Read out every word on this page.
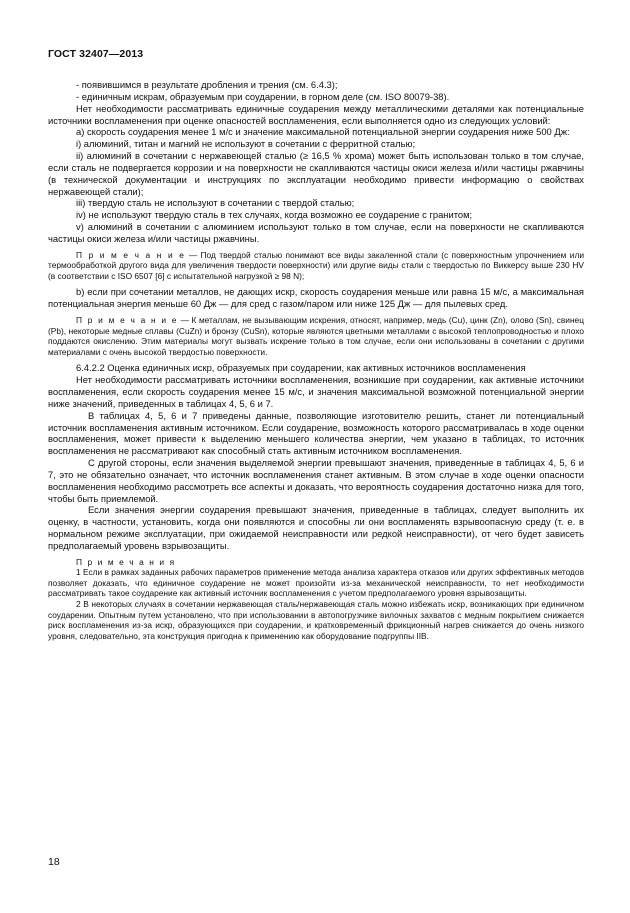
ГОСТ 32407—2013

- появившимся в результате дробления и трения (см. 6.4.3);

- единичным искрам, образуемым при соударении, в горном деле (см. ISO 80079-38).

Нет необходимости рассматривать единичные соударения между металлическими деталями как потенциальные источники воспламенения при оценке опасностей воспламенения, если выполняется одно из следующих условий:

а) скорость соударения менее 1 м/с и значение максимальной потенциальной энергии соударения ниже 500 Дж:

i) алюминий, титан и магний не используют в сочетании с ферритной сталью;

ii) алюминий в сочетании с нержавеющей сталью (≥ 16,5 % хрома) может быть использован только в том случае, если сталь не подвергается коррозии и на поверхности не скапливаются частицы окиси железа и/или частицы ржавчины (в технической документации и инструкциях по эксплуатации необходимо привести информацию о свойствах нержавеющей стали);

iii) твердую сталь не используют в сочетании с твердой сталью;

iv) не используют твердую сталь в тех случаях, когда возможно ее соударение с гранитом;

v) алюминий в сочетании с алюминием используют только в том случае, если на поверхности не скапливаются частицы окиси железа и/или частицы ржавчины.

П р и м е ч а н и е — Под твердой сталью понимают все виды закаленной стали (с поверхностным упрочнением или термообработкой другого вида для увеличения твердости поверхности) или другие виды стали с твердостью по Виккерсу выше 230 HV (в соответствии с ISO 6507 [6] с испытательной нагрузкой ≥ 98 N);

b) если при сочетании металлов, не дающих искр, скорость соударения меньше или равна 15 м/с, а максимальная потенциальная энергия меньше 60 Дж — для сред с газом/паром или ниже 125 Дж — для пылевых сред.

П р и м е ч а н и е — К металлам, не вызывающим искрения, относят, например, медь (Cu), цинк (Zn), олово (Sn), свинец (Pb), некоторые медные сплавы (CuZn) и бронзу (CuSn), которые являются цветными металлами с высокой теплопроводностью и плохо поддаются окислению. Этим материалы могут вызвать искрение только в том случае, если они использованы в сочетании с другими материалами с очень высокой твердостью поверхности.

6.4.2.2 Оценка единичных искр, образуемых при соударении, как активных источников воспламенения

Нет необходимости рассматривать источники воспламенения, возникшие при соударении, как активные источники воспламенения, если скорость соударения менее 15 м/с, и значения максимальной возможной потенциальной энергии ниже значений, приведенных в таблицах 4, 5, 6 и 7.

В таблицах 4, 5, 6 и 7 приведены данные, позволяющие изготовителю решить, станет ли потенциальный источник воспламенения активным источником. Если соударение, возможность которого рассматривалась в ходе оценки воспламенения, может привести к выделению меньшего количества энергии, чем указано в таблицах, то источник воспламенения не рассматривают как способный стать активным источником воспламенения.

С другой стороны, если значения выделяемой энергии превышают значения, приведенные в таблицах 4, 5, 6 и 7, это не обязательно означает, что источник воспламенения станет активным. В этом случае в ходе оценки опасности воспламенения необходимо рассмотреть все аспекты и доказать, что вероятность соударения достаточно низка для того, чтобы быть приемлемой.

Если значения энергии соударения превышают значения, приведенные в таблицах, следует выполнить их оценку, в частности, установить, когда они появляются и способны ли они воспламенять взрывоопасную среду (т. е. в нормальном режиме эксплуатации, при ожидаемой неисправности или редкой неисправности), от чего будет зависеть предполагаемый уровень взрывозащиты.

П р и м е ч а н и я

1 Если в рамках заданных рабочих параметров применение метода анализа характера отказов или других эффективных методов позволяет доказать, что единичное соударение не может произойти из-за механической неисправности, то нет необходимости рассматривать такое соударение как активный источник воспламенения с учетом предполагаемого уровня взрывозащиты.

2 В некоторых случаях в сочетании нержавеющая сталь/нержавеющая сталь можно избежать искр, возникающих при единичном соударении. Опытным путем установлено, что при использовании в автопогрузчике вилочных захватов с медным покрытием снижается риск воспламенения из-за искр, образующихся при соударении, и кратковременный фрикционный нагрев снижается до очень низкого уровня, следовательно, эта конструкция пригодна к применению как оборудование подгруппы IIB.

18
